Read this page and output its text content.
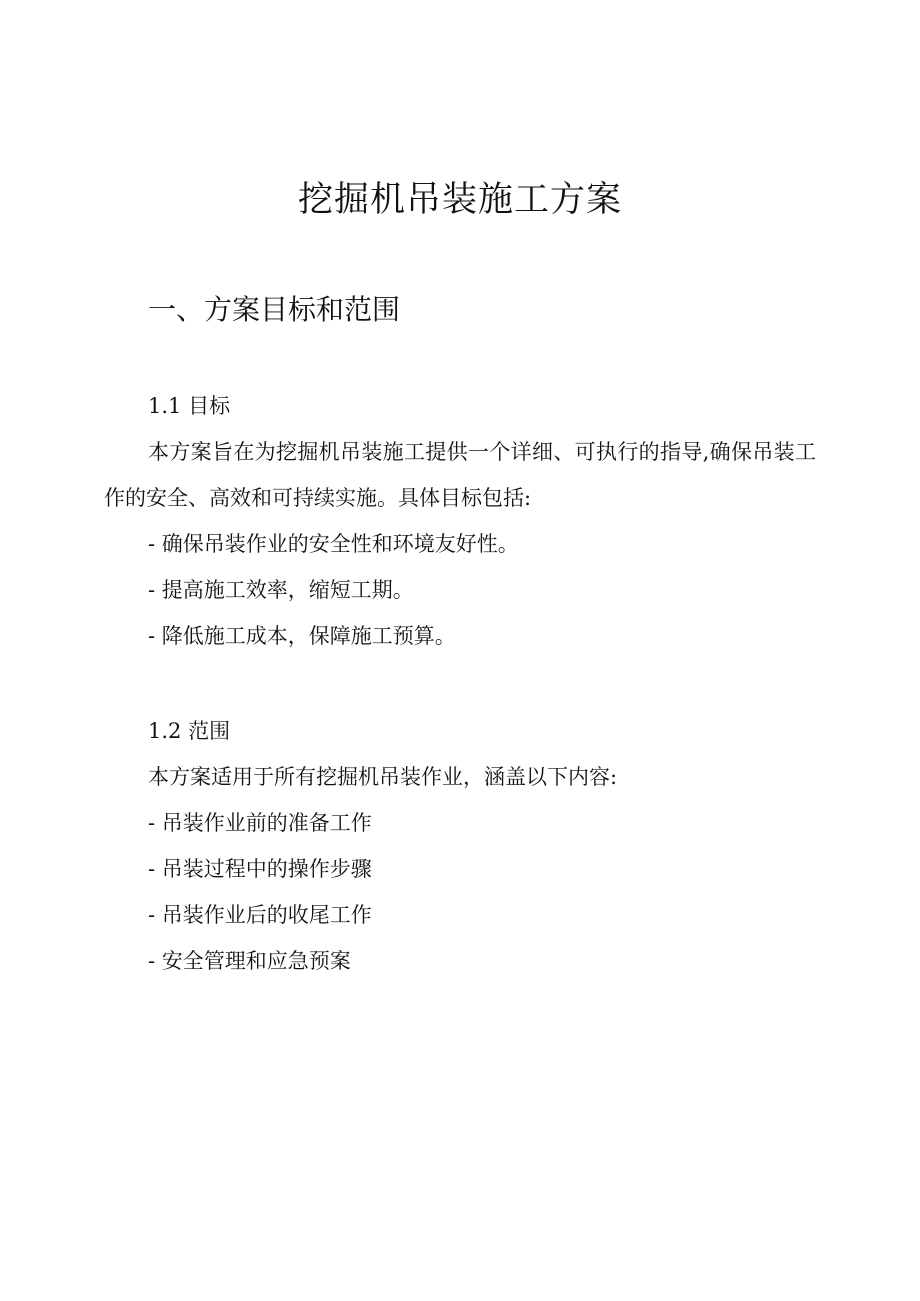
挖掘机吊装施工方案
一、方案目标和范围
1.1 目标

本方案旨在为挖掘机吊装施工提供一个详细、可执行的指导,确保吊装工作的安全、高效和可持续实施。具体目标包括:

- 确保吊装作业的安全性和环境友好性。
- 提高施工效率，缩短工期。
- 降低施工成本，保障施工预算。
1.2 范围

本方案适用于所有挖掘机吊装作业，涵盖以下内容:

- 吊装作业前的准备工作
- 吊装过程中的操作步骤
- 吊装作业后的收尾工作
- 安全管理和应急预案
